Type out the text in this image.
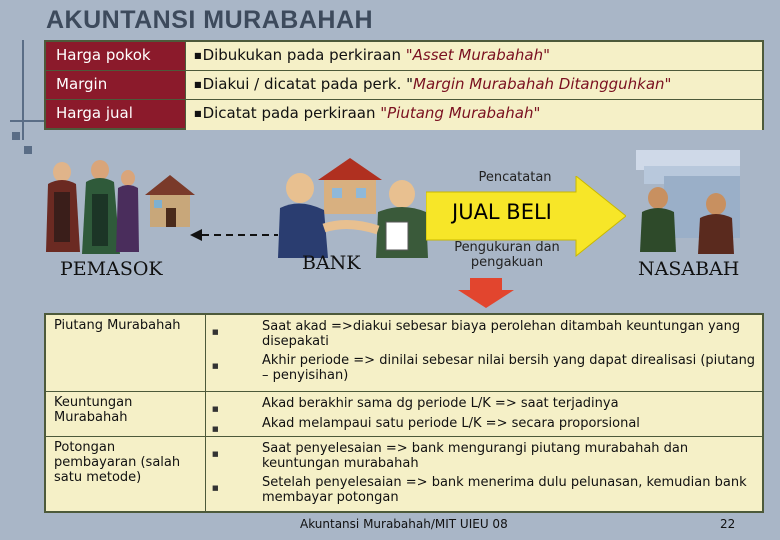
AKUNTANSI MURABAHAH
Harga pokok	■Dibukukan pada perkiraan "Asset Murabahah"
Margin	■Diakui / dicatat pada perk. "Margin Murabahah Ditangguhkan"
Harga jual	■Dicatat pada perkiraan "Piutang Murabahah"
Pencatatan
JUAL BELI
Pengukuran dan pengakuan
PEMASOK	BANK	NASABAH
Piutang Murabahah	■	Saat akad =>diakui sebesar biaya perolehan ditambah keuntungan yang disepakati
■	Akhir periode => dinilai sebesar nilai bersih yang dapat direalisasi (piutang – penyisihan)
Keuntungan Murabahah
■	Akad berakhir sama dg periode L/K => saat terjadinya
■	Akad melampaui satu periode L/K => secara proporsional
Potongan pembayaran (salah satu metode)
■	Saat penyelesaian => bank mengurangi piutang murabahah dan keuntungan murabahah
■	Setelah penyelesaian => bank menerima dulu pelunasan, kemudian bank membayar potongan
Akuntansi Murabahah/MIT UIEU 08	22
